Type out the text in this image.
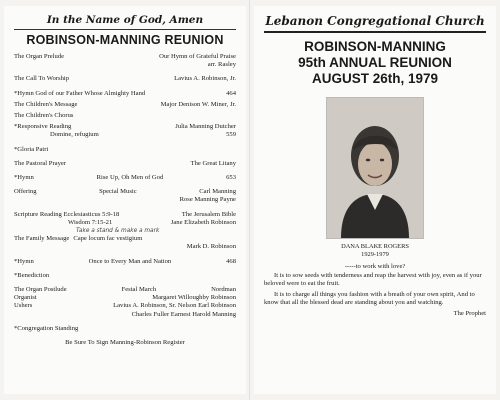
In the Name of God, Amen
ROBINSON-MANNING REUNION
The Organ Prelude	Our Hymn of Grateful Praise
arr. Rasley
The Call To Worship	Lavius A. Robinson, Jr.
*Hymn God of our Father Whose Almighty Hand	464
The Children's Message	Major Denison W. Miner, Jr.
The Children's Chorus
*Responsive Reading	Julia Manning Dutcher
Domine, refugium	559
*Gloria Patri
The Pastoral Prayer	The Great Litany
*Hymn	Rise Up, Oh Men of God	653
Offering	Special Music	Carl Manning
Rose Manning Payne
Scripture Reading Ecclesiasticus 5:9-18	The Jerusalem Bible
Wisdom 7:15-21	Jane Elizabeth Robinson
Take a stand & make a mark
The Family Message Cape locum fac vestigium
Mark D. Robinson
*Hymn	Once to Every Man and Nation	468
*Benediction
The Organ Postlude	Festal March	Nordman
Organist	Margaret Willoughby Robinson
Ushers	Lavius A. Robinson, Sr. Nelson Earl Robinson
Charles Fuller Earnest Harold Manning
*Congregation Standing
Be Sure To Sign Manning-Robinson Register
Lebanon Congregational Church
ROBINSON-MANNING
95th ANNUAL REUNION
AUGUST 26th, 1979
DANA BLAKE ROGERS
1929-1979

-----to work with love?

It is to sow seeds with tenderness and reap the harvest with joy, even as if your beloved were to eat the fruit.

It is to charge all things you fashion with a breath of your own spirit, And to know that all the blessed dead are standing about you and watching.

The Prophet
